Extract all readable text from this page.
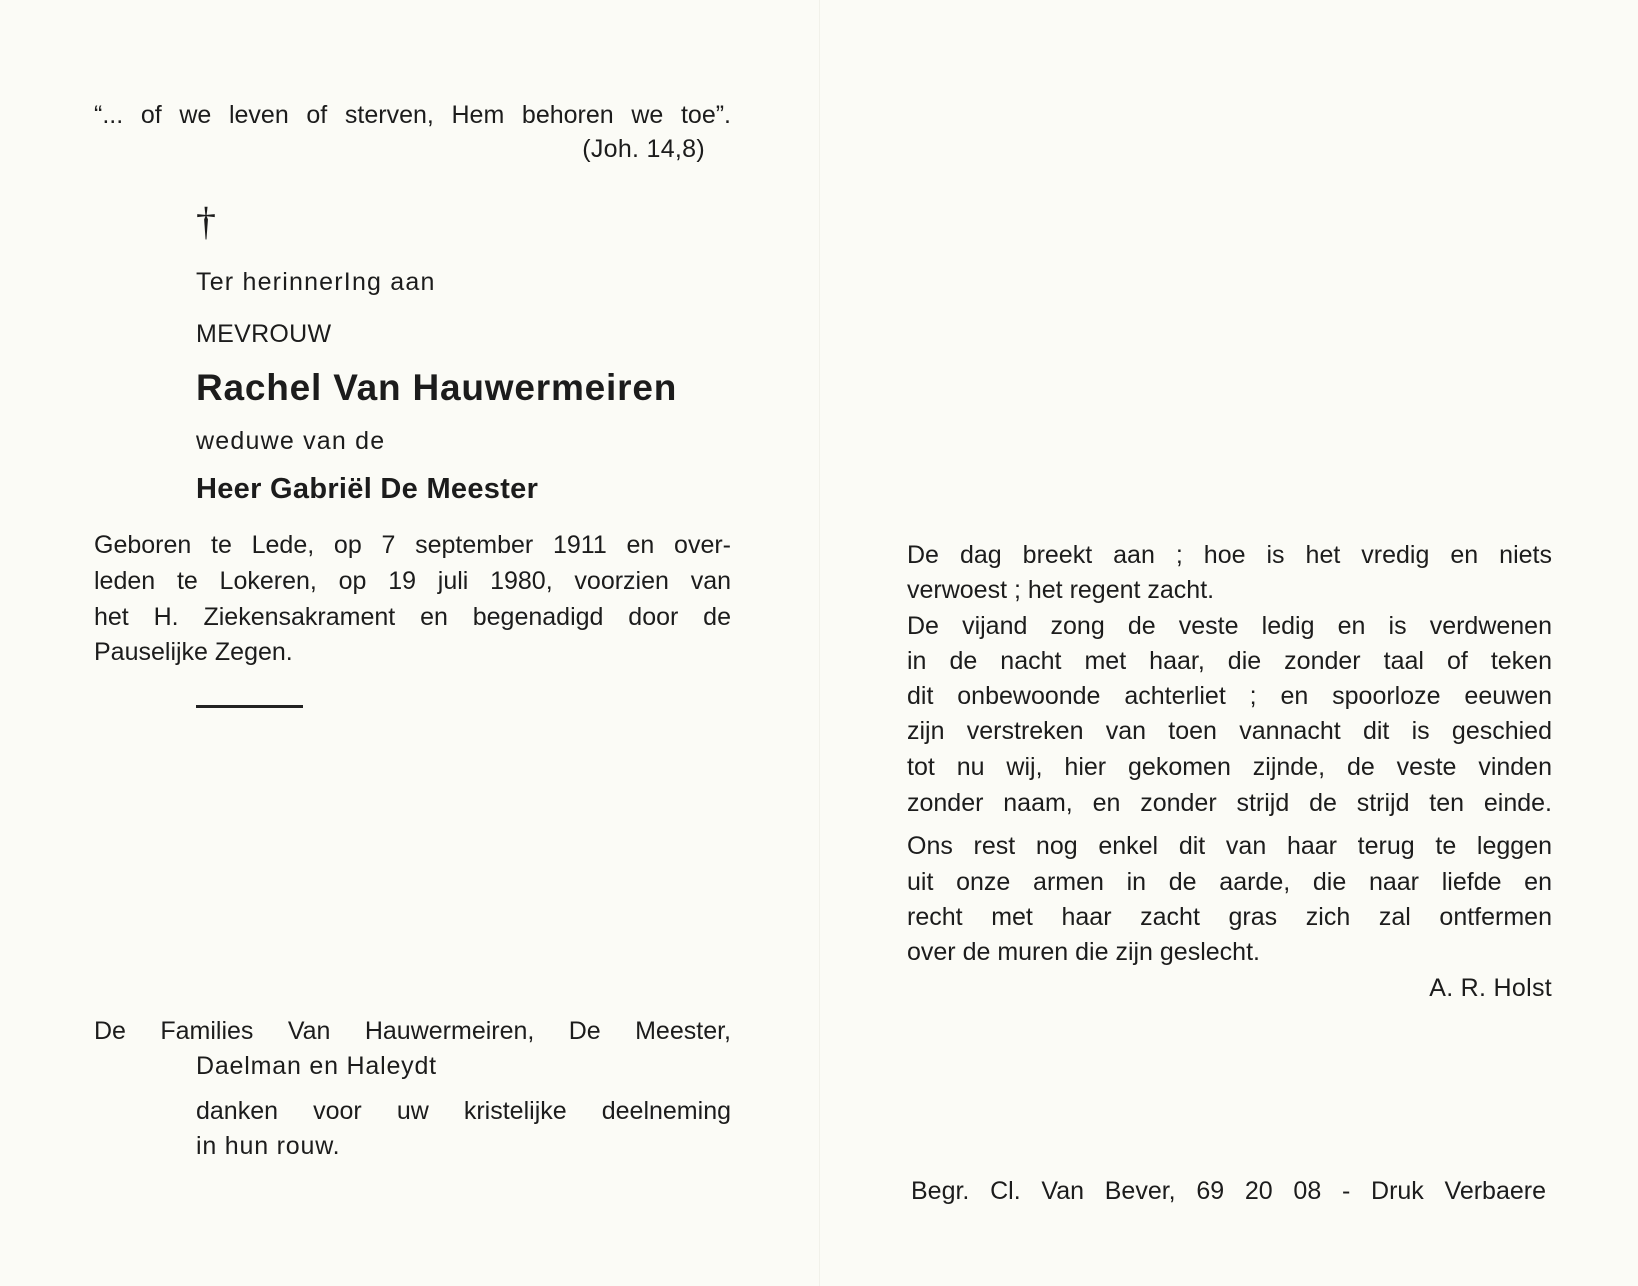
“... of we leven of sterven, Hem behoren we toe”.
(Joh. 14,8)
†
Ter herinnerIng aan
MEVROUW
Rachel Van Hauwermeiren
weduwe van de
Heer Gabriël De Meester
Geboren te Lede, op 7 september 1911 en over-
leden te Lokeren, op 19 juli 1980, voorzien van
het H. Ziekensakrament en begenadigd door de
Pauselijke Zegen.
De Families Van Hauwermeiren, De Meester,
Daelman en Haleydt
danken voor uw kristelijke deelneming
in hun rouw.
De dag breekt aan ; hoe is het vredig en niets
verwoest ; het regent zacht.
De vijand zong de veste ledig en is verdwenen
in de nacht met haar, die zonder taal of teken
dit onbewoonde achterliet ; en spoorloze eeuwen
zijn verstreken van toen vannacht dit is geschied
tot nu wij, hier gekomen zijnde, de veste vinden
zonder naam, en zonder strijd de strijd ten einde.
Ons rest nog enkel dit van haar terug te leggen
uit onze armen in de aarde, die naar liefde en
recht met haar zacht gras zich zal ontfermen
over de muren die zijn geslecht.
A. R. Holst
Begr. Cl. Van Bever, 69 20 08 - Druk Verbaere
